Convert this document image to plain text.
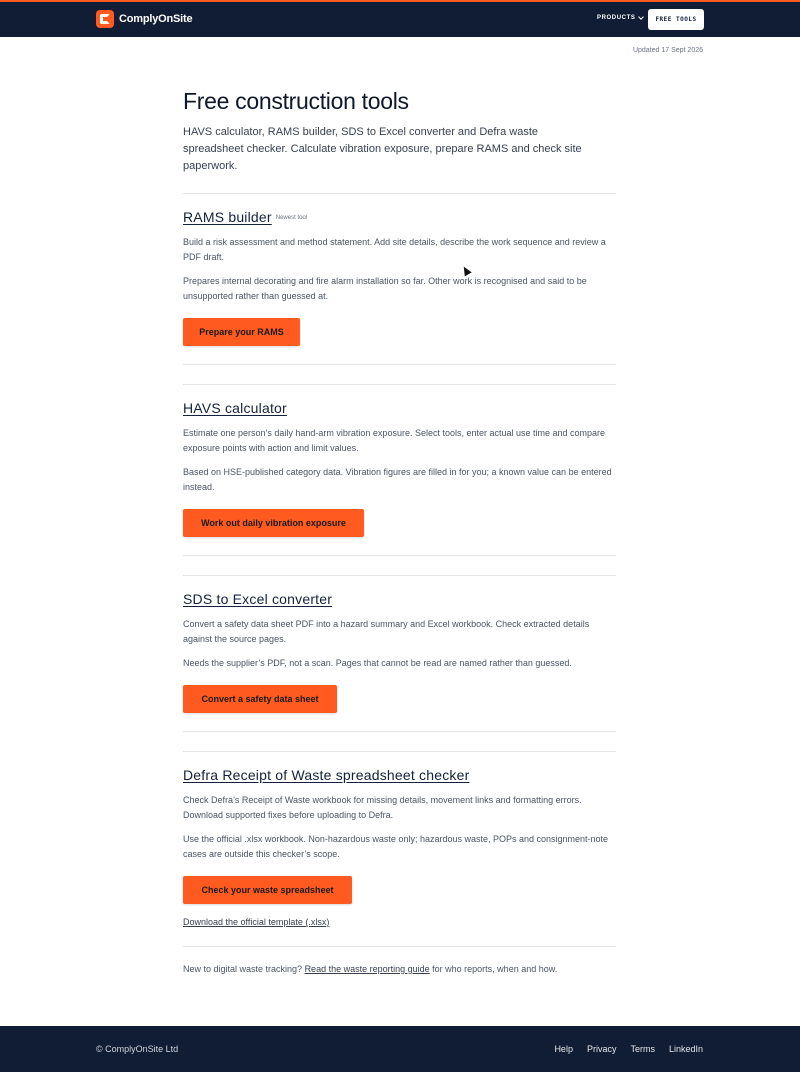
ComplyOnSite	PRODUCTS	FREE TOOLS
Updated 17 Sept 2026
Free construction tools

HAVS calculator, RAMS builder, SDS to Excel converter and Defra waste spreadsheet checker. Calculate vibration exposure, prepare RAMS and check site paperwork.

RAMS builder Newest tool

Build a risk assessment and method statement. Add site details, describe the work sequence and review a PDF draft.

Prepares internal decorating and fire alarm installation so far. Other work is recognised and said to be unsupported rather than guessed at.

Prepare your RAMS
HAVS calculator

Estimate one person’s daily hand-arm vibration exposure. Select tools, enter actual use time and compare exposure points with action and limit values.

Based on HSE-published category data. Vibration figures are filled in for you; a known value can be entered instead.

Work out daily vibration exposure
SDS to Excel converter

Convert a safety data sheet PDF into a hazard summary and Excel workbook. Check extracted details against the source pages.

Needs the supplier’s PDF, not a scan. Pages that cannot be read are named rather than guessed.

Convert a safety data sheet
Defra Receipt of Waste spreadsheet checker

Check Defra’s Receipt of Waste workbook for missing details, movement links and formatting errors. Download supported fixes before uploading to Defra.

Use the official .xlsx workbook. Non-hazardous waste only; hazardous waste, POPs and consignment-note cases are outside this checker’s scope.

Check your waste spreadsheet
Download the official template (.xlsx)

New to digital waste tracking? Read the waste reporting guide for who reports, when and how.

© ComplyOnSite Ltd	Help Privacy Terms LinkedIn
